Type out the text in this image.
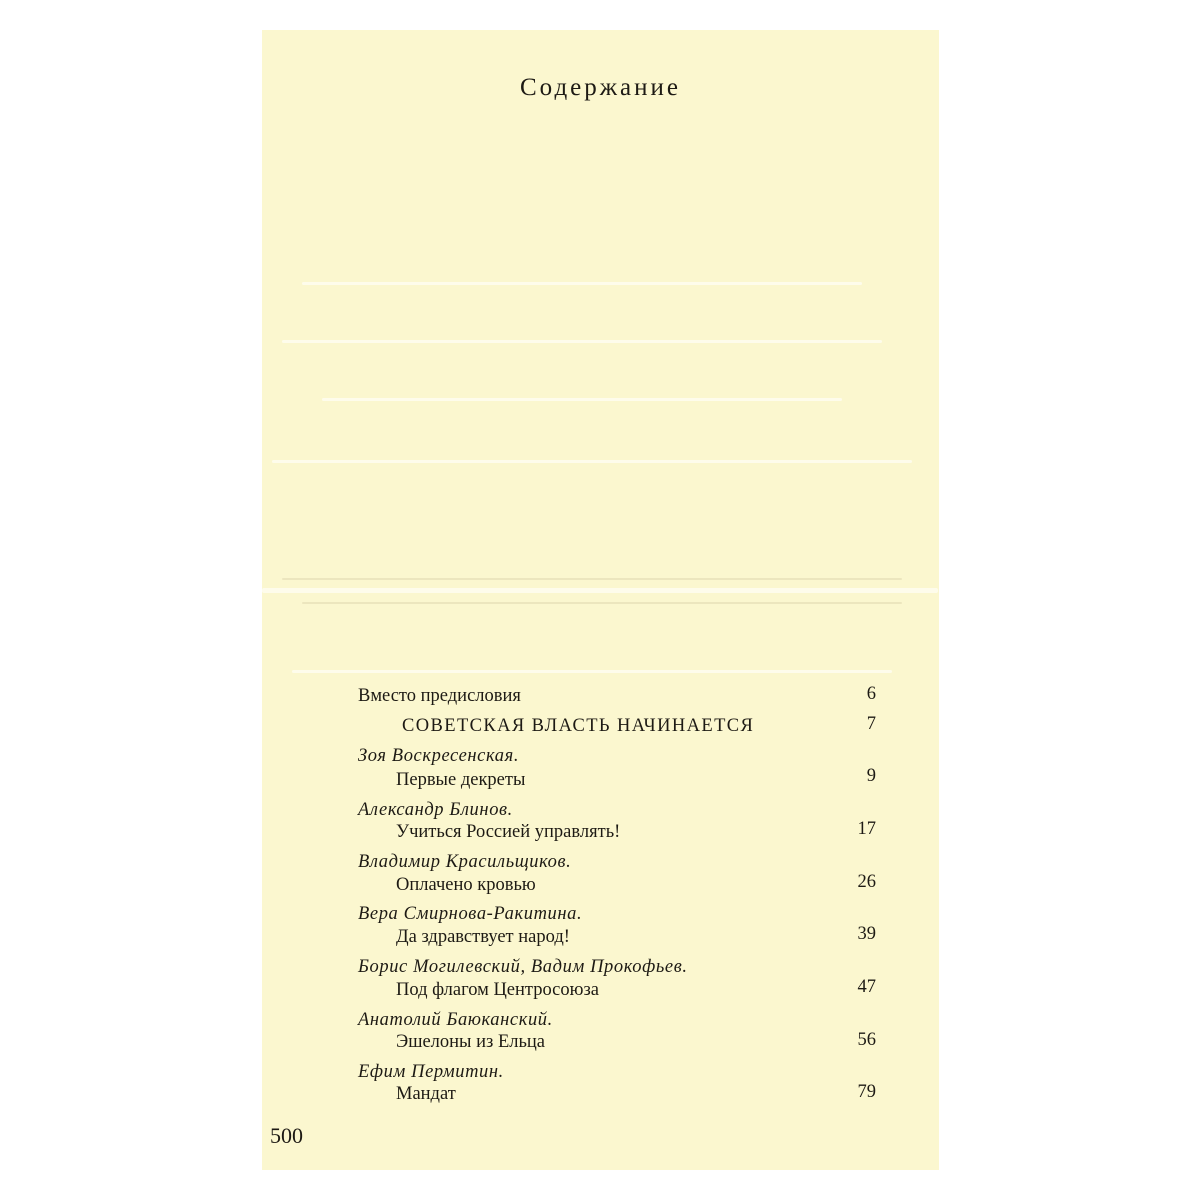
Содержание
Вместо предисловия	6
СОВЕТСКАЯ ВЛАСТЬ НАЧИНАЕТСЯ	7
Зоя Воскресенская.
Первые декреты	9
Александр Блинов.
Учиться Россией управлять!	17
Владимир Красильщиков.
Оплачено кровью	26
Вера Смирнова-Ракитина.
Да здравствует народ!	39
Борис Могилевский, Вадим Прокофьев.
Под флагом Центросоюза	47
Анатолий Баюканский.
Эшелоны из Ельца	56
Ефим Пермитин.
Мандат	79
500
